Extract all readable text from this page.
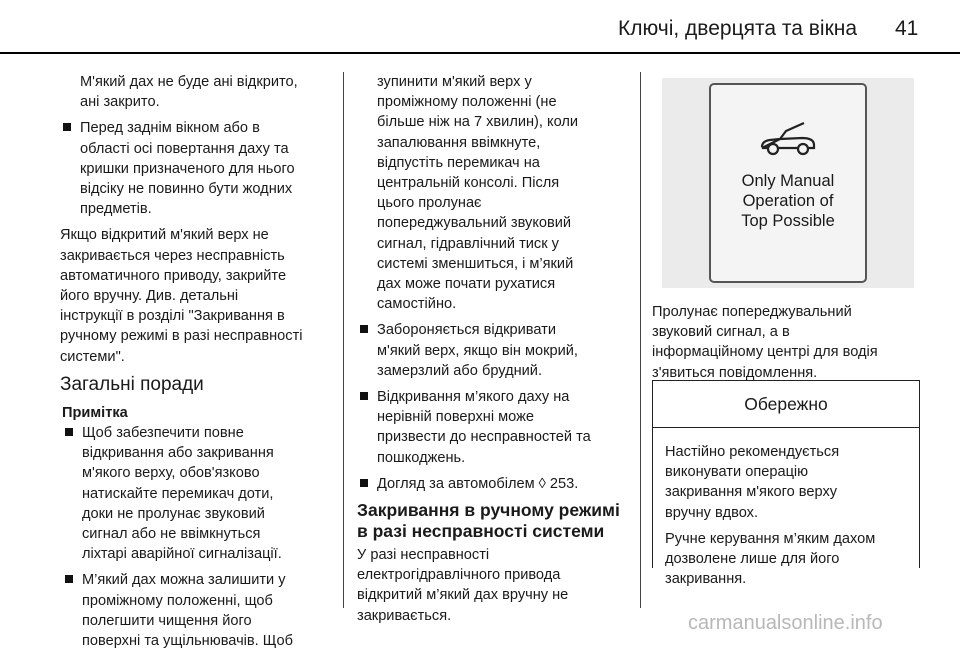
Ключі, дверцята та вікна 41

М'який дах не буде ані відкрито,
ані закрито.

Перед заднім вікном або в
області осі повертання даху та
кришки призначеного для нього
відсіку не повинно бути жодних
предметів.

Якщо відкритий м'який верх не
закривається через несправність
автоматичного приводу, закрийте
його вручну. Див. детальні
інструкції в розділі "Закривання в
ручному режимі в разі несправності
системи".

Загальні поради
Примітка
Щоб забезпечити повне
відкривання або закривання
м'якого верху, обов'язково
натискайте перемикач доти,
доки не пролунає звуковий
сигнал або не ввімкнуться
ліхтарі аварійної сигналізації.
М’який дах можна залишити у
проміжному положенні, щоб
полегшити чищення його
поверхні та ущільнювачів. Щоб

зупинити м'який верх у
проміжному положенні (не
більше ніж на 7 хвилин), коли
запалювання ввімкнуте,
відпустіть перемикач на
центральній консолі. Після
цього пролунає
попереджувальний звуковий
сигнал, гідравлічний тиск у
системі зменшиться, і м’який
дах може почати рухатися
самостійно.

Забороняється відкривати
м'який верх, якщо він мокрий,
замерзлий або брудний.
Відкривання м’якого даху на
нерівній поверхні може
призвести до несправностей та
пошкоджень.
Догляд за автомобілем ◊ 253.
Закривання в ручному режимі
в разі несправності системи

У разі несправності
електрогідравлічного привода
відкритий м’який дах вручну не
закривається.

Only Manual
Operation of
Top Possible

Пролунає попереджувальний
звуковий сигнал, а в
інформаційному центрі для водія
з'явиться повідомлення.

Обережно

Настійно рекомендується
виконувати операцію
закривання м'якого верху
вручну вдвох.

Ручне керування м’яким дахом
дозволене лише для його
закривання.

carmanualsonline.info
